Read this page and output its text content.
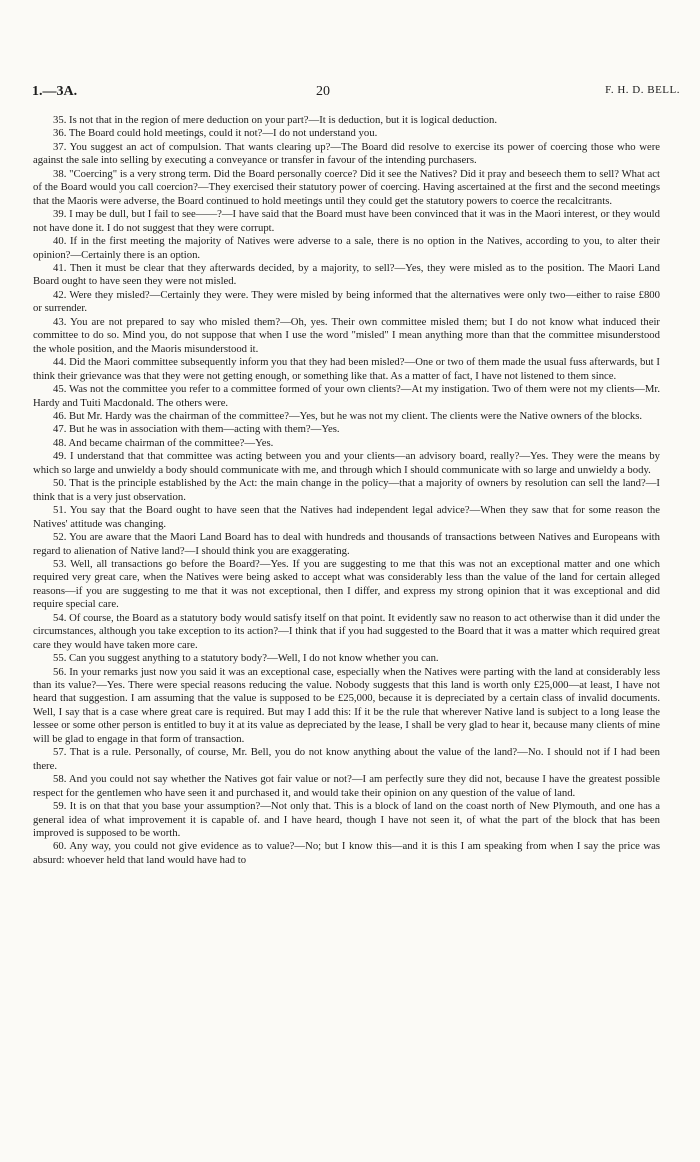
1.—3A.	20	F. H. D. BELL.

35. Is not that in the region of mere deduction on your part?—It is deduction, but it is logical deduction.

36. The Board could hold meetings, could it not?—I do not understand you.

37. You suggest an act of compulsion. That wants clearing up?—The Board did resolve to exercise its power of coercing those who were against the sale into selling by executing a conveyance or transfer in favour of the intending purchasers.

38. "Coercing" is a very strong term. Did the Board personally coerce? Did it see the Natives? Did it pray and beseech them to sell? What act of the Board would you call coercion?—They exercised their statutory power of coercing. Having ascertained at the first and the second meetings that the Maoris were adverse, the Board continued to hold meetings until they could get the statutory powers to coerce the recalcitrants.

39. I may be dull, but I fail to see——?—I have said that the Board must have been convinced that it was in the Maori interest, or they would not have done it. I do not suggest that they were corrupt.

40. If in the first meeting the majority of Natives were adverse to a sale, there is no option in the Natives, according to you, to alter their opinion?—Certainly there is an option.

41. Then it must be clear that they afterwards decided, by a majority, to sell?—Yes, they were misled as to the position. The Maori Land Board ought to have seen they were not misled.

42. Were they misled?—Certainly they were. They were misled by being informed that the alternatives were only two—either to raise £800 or surrender.

43. You are not prepared to say who misled them?—Oh, yes. Their own committee misled them; but I do not know what induced their committee to do so. Mind you, do not suppose that when I use the word "misled" I mean anything more than that the committee misunderstood the whole position, and the Maoris misunderstood it.

44. Did the Maori committee subsequently inform you that they had been misled?—One or two of them made the usual fuss afterwards, but I think their grievance was that they were not getting enough, or something like that. As a matter of fact, I have not listened to them since.

45. Was not the committee you refer to a committee formed of your own clients?—At my instigation. Two of them were not my clients—Mr. Hardy and Tuiti Macdonald. The others were.

46. But Mr. Hardy was the chairman of the committee?—Yes, but he was not my client. The clients were the Native owners of the blocks.

47. But he was in association with them—acting with them?—Yes.

48. And became chairman of the committee?—Yes.

49. I understand that that committee was acting between you and your clients—an advisory board, really?—Yes. They were the means by which so large and unwieldy a body should communicate with me, and through which I should communicate with so large and unwieldy a body.

50. That is the principle established by the Act: the main change in the policy—that a majority of owners by resolution can sell the land?—I think that is a very just observation.

51. You say that the Board ought to have seen that the Natives had independent legal advice?—When they saw that for some reason the Natives' attitude was changing.

52. You are aware that the Maori Land Board has to deal with hundreds and thousands of transactions between Natives and Europeans with regard to alienation of Native land?—I should think you are exaggerating.

53. Well, all transactions go before the Board?—Yes. If you are suggesting to me that this was not an exceptional matter and one which required very great care, when the Natives were being asked to accept what was considerably less than the value of the land for certain alleged reasons—if you are suggesting to me that it was not exceptional, then I differ, and express my strong opinion that it was exceptional and did require special care.

54. Of course, the Board as a statutory body would satisfy itself on that point. It evidently saw no reason to act otherwise than it did under the circumstances, although you take exception to its action?—I think that if you had suggested to the Board that it was a matter which required great care they would have taken more care.

55. Can you suggest anything to a statutory body?—Well, I do not know whether you can.

56. In your remarks just now you said it was an exceptional case, especially when the Natives were parting with the land at considerably less than its value?—Yes. There were special reasons reducing the value. Nobody suggests that this land is worth only £25,000—at least, I have not heard that suggestion. I am assuming that the value is supposed to be £25,000, because it is depreciated by a certain class of invalid documents. Well, I say that is a case where great care is required. But may I add this: If it be the rule that wherever Native land is subject to a long lease the lessee or some other person is entitled to buy it at its value as depreciated by the lease, I shall be very glad to hear it, because many clients of mine will be glad to engage in that form of transaction.

57. That is a rule. Personally, of course, Mr. Bell, you do not know anything about the value of the land?—No. I should not if I had been there.

58. And you could not say whether the Natives got fair value or not?—I am perfectly sure they did not, because I have the greatest possible respect for the gentlemen who have seen it and purchased it, and would take their opinion on any question of the value of land.

59. It is on that that you base your assumption?—Not only that. This is a block of land on the coast north of New Plymouth, and one has a general idea of what improvement it is capable of. and I have heard, though I have not seen it, of what the part of the block that has been improved is supposed to be worth.

60. Any way, you could not give evidence as to value?—No; but I know this—and it is this I am speaking from when I say the price was absurd: whoever held that land would have had to
